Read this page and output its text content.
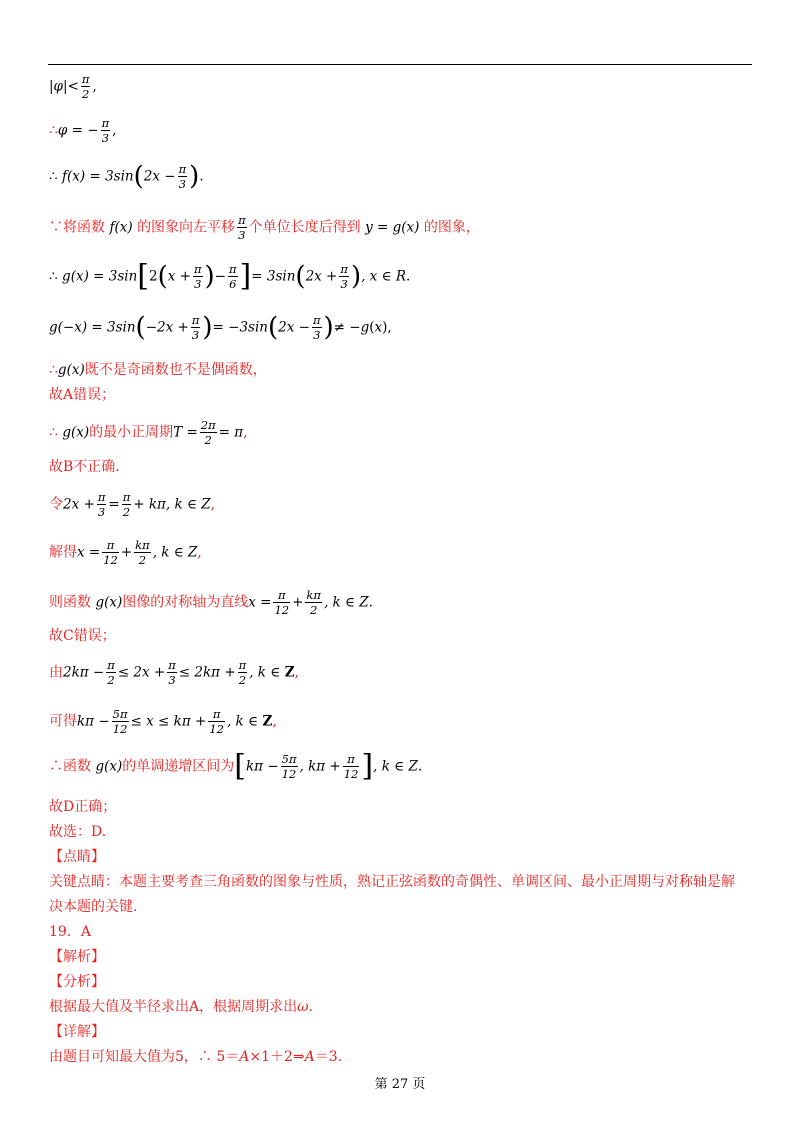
$|\varphi|< \frac{\pi}{2}$ ,
∴φ = − $\frac{\pi}{3}$ ,
∴ $f(x) = 3\sin(2x - \frac{\pi}{3}$ ).
∵将函数 f(x) 的图象向左平移 $\frac{\pi}{3}$ 个单位长度后得到 y = g(x) 的图象，
∴ $g(x) = 3\sin[2(x + \frac{\pi}{3}$ )− $\frac{\pi}{6}$ ]= $3\sin(2x + \frac{\pi}{3}$ ), x ∈ R.
$g(-x) = 3\sin(-2x + \frac{\pi}{3}$ )= $-3\sin(2x - \frac{\pi}{3}$ )≠ −g(x),
∴g(x)既不是奇函数也不是偶函数，
故A错误；
∴ g(x)的最小正周期$T = \frac{2\pi}{2} = \pi$,
故B不正确.
令$2x + \frac{\pi}{3} = \frac{\pi}{2} + k\pi$, k ∈ Z,
解得$x = \frac{\pi}{12} + \frac{k\pi}{2}$ , k ∈ Z,
则函数 g(x)图像的对称轴为直线$x = \frac{\pi}{12} + \frac{k\pi}{2}$ , k ∈ Z.
故C错误；
由$2k\pi - \frac{\pi}{2} \le 2x + \frac{\pi}{3} \le 2k\pi + \frac{\pi}{2}$ , k ∈ Z,
可得$k\pi - \frac{5\pi}{12} \le x \le k\pi + \frac{\pi}{12}$ , k ∈ Z,
∴函数 g(x)的单调递增区间为[$k\pi - \frac{5\pi}{12}$ , $k\pi + \frac{\pi}{12}$ ], k ∈ Z.
故D正确；
故选：D.
【点睛】
关键点睛：本题主要考查三角函数的图象与性质，熟记正弦函数的奇偶性、单调区间、最小正周期与对称轴是解
决本题的关键.
19．A
【解析】
【分析】
根据最大值及半径求出A，根据周期求出ω.
【详解】
由题目可知最大值为5，∴ 5＝A×1＋2⇒A＝3.
第 27 页
